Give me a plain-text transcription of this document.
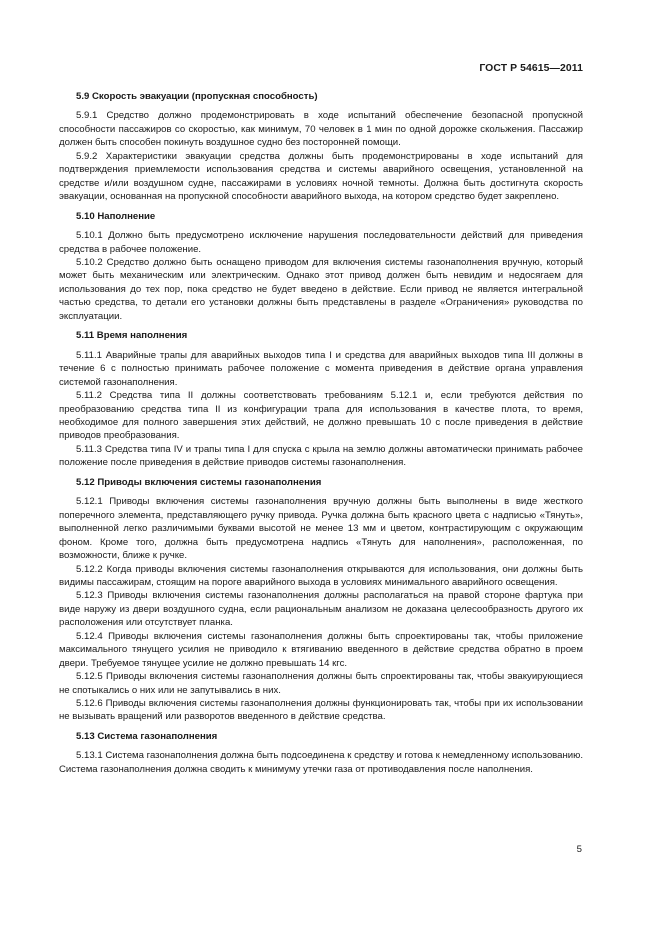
ГОСТ Р 54615—2011
5.9 Скорость эвакуации (пропускная способность)

5.9.1 Средство должно продемонстрировать в ходе испытаний обеспечение безопасной пропускной способности пассажиров со скоростью, как минимум, 70 человек в 1 мин по одной дорожке скольжения. Пассажир должен быть способен покинуть воздушное судно без посторонней помощи.

5.9.2 Характеристики эвакуации средства должны быть продемонстрированы в ходе испытаний для подтверждения приемлемости использования средства и системы аварийного освещения, установленной на средстве и/или воздушном судне, пассажирами в условиях ночной темноты. Должна быть достигнута скорость эвакуации, основанная на пропускной способности аварийного выхода, на котором средство будет закреплено.

5.10 Наполнение

5.10.1 Должно быть предусмотрено исключение нарушения последовательности действий для приведения средства в рабочее положение.

5.10.2 Средство должно быть оснащено приводом для включения системы газонаполнения вручную, который может быть механическим или электрическим. Однако этот привод должен быть невидим и недосягаем для использования до тех пор, пока средство не будет введено в действие. Если привод не является интегральной частью средства, то детали его установки должны быть представлены в разделе «Ограничения» руководства по эксплуатации.

5.11 Время наполнения

5.11.1 Аварийные трапы для аварийных выходов типа I и средства для аварийных выходов типа III должны в течение 6 с полностью принимать рабочее положение с момента приведения в действие органа управления системой газонаполнения.

5.11.2 Средства типа II должны соответствовать требованиям 5.12.1 и, если требуются действия по преобразованию средства типа II из конфигурации трапа для использования в качестве плота, то время, необходимое для полного завершения этих действий, не должно превышать 10 с после приведения в действие приводов преобразования.

5.11.3 Средства типа IV и трапы типа I для спуска с крыла на землю должны автоматически принимать рабочее положение после приведения в действие приводов системы газонаполнения.

5.12 Приводы включения системы газонаполнения

5.12.1 Приводы включения системы газонаполнения вручную должны быть выполнены в виде жесткого поперечного элемента, представляющего ручку привода. Ручка должна быть красного цвета с надписью «Тянуть», выполненной легко различимыми буквами высотой не менее 13 мм и цветом, контрастирующим с окружающим фоном. Кроме того, должна быть предусмотрена надпись «Тянуть для наполнения», расположенная, по возможности, ближе к ручке.

5.12.2 Когда приводы включения системы газонаполнения открываются для использования, они должны быть видимы пассажирам, стоящим на пороге аварийного выхода в условиях минимального аварийного освещения.

5.12.3 Приводы включения системы газонаполнения должны располагаться на правой стороне фартука при виде наружу из двери воздушного судна, если рациональным анализом не доказана целесообразность другого их расположения или отсутствует планка.

5.12.4 Приводы включения системы газонаполнения должны быть спроектированы так, чтобы приложение максимального тянущего усилия не приводило к втягиванию введенного в действие средства обратно в проем двери. Требуемое тянущее усилие не должно превышать 14 кгс.

5.12.5 Приводы включения системы газонаполнения должны быть спроектированы так, чтобы эвакуирующиеся не спотыкались о них или не запутывались в них.

5.12.6 Приводы включения системы газонаполнения должны функционировать так, чтобы при их использовании не вызывать вращений или разворотов введенного в действие средства.

5.13 Система газонаполнения

5.13.1 Система газонаполнения должна быть подсоединена к средству и готова к немедленному использованию. Система газонаполнения должна сводить к минимуму утечки газа от противодавления после наполнения.

5
